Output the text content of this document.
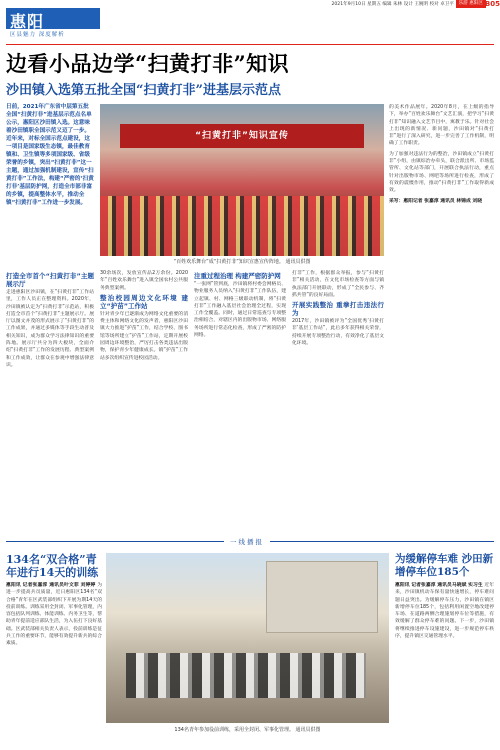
2021年9月10日 星期五 编辑 朱林 设计 王婉明 校对 卓卫平 乐游 惠阳区 B05
惠阳
区县魅力 深度解析
边看小品边学“扫黄打非”知识
沙田镇入选第五批全国“扫黄打非”进基层示范点
日前，2021年广东省中层第五批全国“扫黄打非”进基层示范点名单公示，惠阳区沙田镇入选。这意味着沙田镇职全国示范又迈了一步。近年来，对标全国示范点建设，这一项目是国家级生态镇，最佳教育镇和、卫生镇等多项国家级、省级荣誉的乡镇，突出“扫黄打非”这一主题，通过加强机制建设，宣传“扫黄打非”工作法，构建“严密的‘扫黄打非’基层防护网，打造全市部非富的乡镇，提高整体水平，推动全镇“扫黄打非”工作进一步发展。
“扫黄打非”知识宣传
“百姓欢乐舞台”成“扫黄打非”知识宣惠宣传阵地。 通讯员供图
的美术作品展年。2020年8月，在上级的指导下，举办“百姓欢乐舞台”文艺汇演，把学习“扫黄打非”知识融入文艺节目中，寓教于乐。针对社会上出现的新情况、新问题，沙田镇对“扫黄打非”进行了深入研究，进一步完善了工作机制，明确了工作职责。
为了加强对违法行为的整治，沙田镇成立“扫黄打非”小组，由镇综治办牵头，联合派出所、市场监管所、文化站等部门，开展联合执法行动，重点针对出版物市场、网吧等场所进行检查，形成了有效的震慑作用，推动“扫黄打非”工作取得新成效。
采写：惠阳记者 张嘉淳 通讯员 林锦成 刘晓
打造全市首个“扫黄打非”主题展示厅
走进惠阳区沙田镇，在“扫黄打非”工作站里，工作人员正在整理资料。2020年，沙田镇被认定为“扫黄打非”示范站，积极打造全市首个“扫黄打非”主题展示厅。展厅以图文并茂的形式展示了“扫黄打非”的工作成果，并通过多媒体等手段生动普及相关知识，成为群众学习法律知识的重要阵地。展示厅共分为四大板块，全面介绍“扫黄打非”工作的发展历程、典型案例和工作成效，让群众在参观中增强法律意识。
30余场次，发放宣传品2万余份。2020年“百姓欢乐舞台”进入镇全国农村公共服务典型案例。
整治校园周边文化环境 建立“护苗”工作站
针对青少年已逐渐成为网络文化重要的消费主体和网络文化的发声者，惠阳区沙田镇大力推进“护苗”工作，结合学校、图书馆等场所建立“护苗”工作站，定期开展校园周边环境整治，严厉打击各类违法出版物，保护青少年健康成长。镇“护苗”工作站多次组织宣传进校园活动。
注重过程治理 构建严密防护网
“一张网”管到底，沙田镇将村委会网格员、物业服务人员纳入“扫黄打非”工作队伍，建立起镇、村、网格三级联动机制，将“扫黄打非”工作融入基层社会治理全过程，实现工作全覆盖。同时，通过日常巡查与专项整治相结合，对辖区内的出版物市场、网络服务场所进行常态化检查，形成了严密的防护网络。
打非”工作，根据群众举报，参与“扫黄打非”相关活动，在文化市场检查等方面与镇执法部门开展联动，形成了“全民参与、齐抓共管”的良好局面。
开展实践整治 重拳打击违法行为
2017年，沙田镇被评为“全国优秀‘扫黄打非’基层工作站”，此后多年获得相关荣誉，持续开展专项整治行动，有效净化了基层文化环境。
一线播报
134名“双合格”青年进行14天的训练
惠阳讯 记者张嘉淳 通讯员叶文菲 刘婷婷 为进一步提高兵员质量，近日惠阳区134名“双合格”青年在区武装部组织下开展为期14天的役前训练。训练采用全封闭、军事化管理，内容包括队列训练、体能训练、内务卫生等，帮助青年提前适应部队生活，为入伍打下良好基础。区武装部相关负责人表示，役前训练是征兵工作的重要环节，能够有效提升新兵的综合素质。
134名青年参加役前训练，采用全封闭、军事化管理。 通讯员供图
为缓解停车难 沙田新增停车位185个
惠阳讯 记者张嘉淳 通讯员马晓斌 实习生 近年来，沙田镇机动车保有量快速增长，停车难问题日益突出。为缓解停车压力，沙田镇在镇区新增停车位185个，包括利用闲置空地改建停车场、在道路两侧合理施划停车位等措施，有效缓解了群众停车难的问题。下一步，沙田镇将继续推进停车设施建设，进一步规范停车秩序，提升镇区交通管理水平。
